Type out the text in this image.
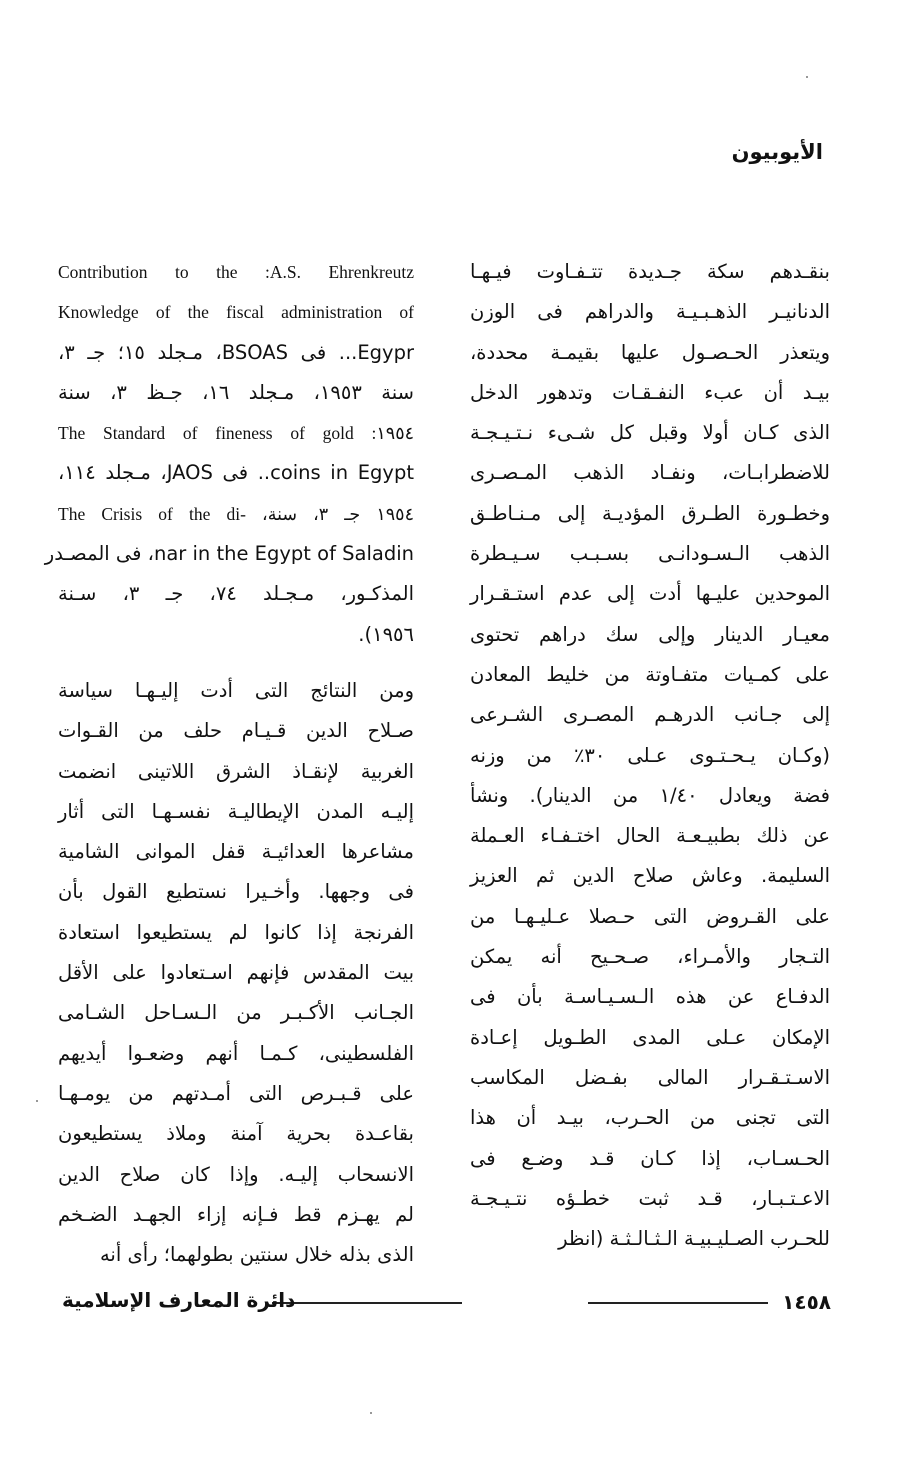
الأيوبيون
بنقـدهم سكة جـديدة تتـفـاوت فيـهـا
الدنانيـر الذهـبـيـة والدراهم فى الوزن
ويتعذر الحـصـول عليها بقيمـة محددة،
بيـد أن عبء النفـقـات وتدهور الدخل
الذى كـان أولا وقبل كل شـىء نـتـيـجـة
للاضطرابـات، ونفـاد الذهب المـصـرى
وخطـورة الطـرق المؤديـة إلى مـنـاطـق
الذهب الـسـودانـى بسـبـب سـيـطرة
الموحدين عليـها أدت إلى عدم استـقـرار
معيـار الدينار وإلى سك دراهم تحتوى
على كمـيات متفـاوتة من خليط المعادن
إلى جـانب الدرهـم المصـرى الشـرعى
(وكـان يـحـتـوى عـلى ٣٠٪ من وزنه
فضة ويعادل ١/٤٠ من الدينار). ونشأ
عن ذلك بطبيـعـة الحال اختـفـاء العـملة
السليمة. وعاش صلاح الدين ثم العزيز
على القـروض التى حـصلا عـليـهـا من
التـجار والأمـراء، صـحـيح أنه يمكن
الدفـاع عن هذه الـسـيـاسـة بأن فى
الإمكان عـلى المدى الطـويل إعـادة
الاسـتـقـرار المالى بفـضل المكاسب
التى تجنى من الحـرب، بيـد أن هذا
الحـسـاب، إذا كـان قـد وضـع فى
الاعـتـبـار، قـد ثبت خطـؤه نتـيـجـة
للحـرب الصـليـبيـة الـثـالـثـة (انظر
Contribution to the :A.S. Ehrenkreutz
Knowledge of the fiscal administration of
Egypr... فى BSOAS، مـجلد ١٥؛ جـ ٣،
سنة ١٩٥٣، مـجلد ١٦، جـظ ٣، سنة
The Standard of fineness of gold :١٩٥٤
coins in Egypt.. فى JAOS، مـجلد ١١٤،
The Crisis of the di- ،١٩٥٤ جـ ٣، سنة
nar in the Egypt of Saladin، فى المصـدر
المذكـور، مـجـلد ٧٤، جـ ٣، سـنة
١٩٥٦).
ومن النتائج التى أدت إليـهـا سياسة
صـلاح الدين قـيـام حلف من القـوات
الغربية لإنقـاذ الشرق اللاتينى انضمت
إليـه المدن الإيطاليـة نفسـهـا التى أثار
مشاعرها العدائيـة قفل الموانى الشامية
فى وجهها. وأخـيرا نستطيع القول بأن
الفرنجة إذا كانوا لم يستطيعوا استعادة
بيت المقدس فإنهم اسـتعادوا على الأقل
الجـانب الأكـبـر من الـسـاحل الشـامى
الفلسطينى، كـمـا أنهم وضعـوا أيديهم
على قـبـرص التى أمـدتهم من يومـهـا
بقاعـدة بحرية آمنة وملاذ يستطيعون
الانسحاب إليـه. وإذا كان صلاح الدين
لم يهـزم قط فـإنه إزاء الجهـد الضـخم
الذى بذله خلال سنتين بطولهما؛ رأى أنه
١٤٥٨
دائرة المعارف الإسلامية
